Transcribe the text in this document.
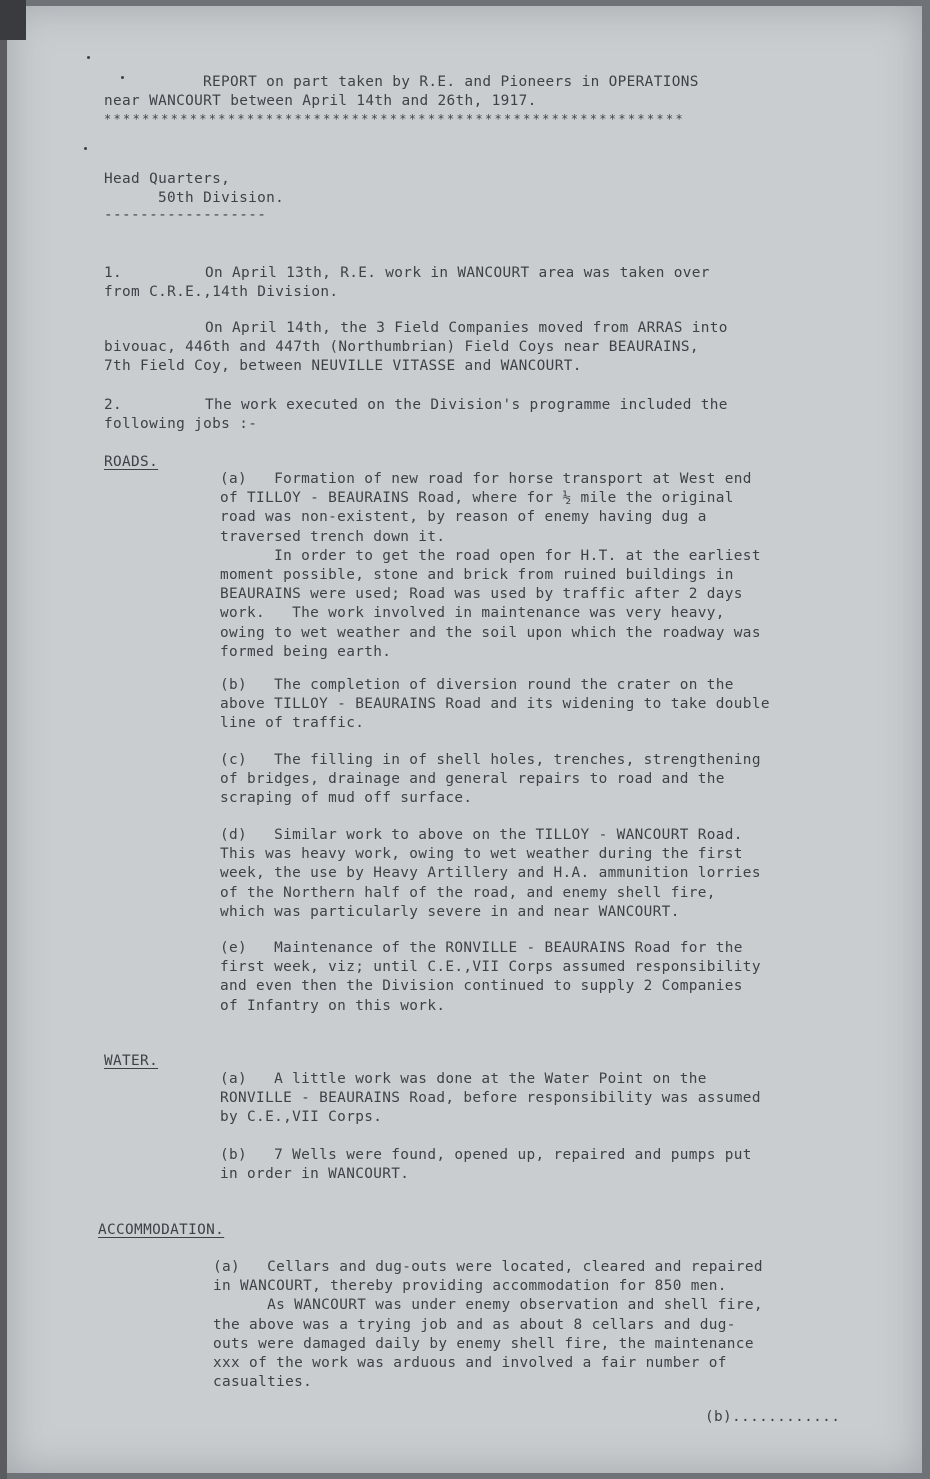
REPORT on part taken by R.E. and Pioneers in OPERATIONS
near WANCOURT between April 14th and 26th, 1917.
*************************************************************
Head Quarters,
50th Division.
------------------
1.	On April 13th, R.E. work in WANCOURT area was taken over
from C.R.E.,14th Division.
On April 14th, the 3 Field Companies moved from ARRAS into
bivouac, 446th and 447th (Northumbrian) Field Coys near BEAURAINS,
7th Field Coy, between NEUVILLE VITASSE and WANCOURT.
2.	The work executed on the Division's programme included the
following jobs :-
ROADS.
(a)   Formation of new road for horse transport at West end
of TILLOY - BEAURAINS Road, where for ½ mile the original
road was non-existent, by reason of enemy having dug a
traversed trench down it.
In order to get the road open for H.T. at the earliest
moment possible, stone and brick from ruined buildings in
BEAURAINS were used; Road was used by traffic after 2 days
work.   The work involved in maintenance was very heavy,
owing to wet weather and the soil upon which the roadway was
formed being earth.
(b)   The completion of diversion round the crater on the
above TILLOY - BEAURAINS Road and its widening to take double
line of traffic.
(c)   The filling in of shell holes, trenches, strengthening
of bridges, drainage and general repairs to road and the
scraping of mud off surface.
(d)   Similar work to above on the TILLOY - WANCOURT Road.
This was heavy work, owing to wet weather during the first
week, the use by Heavy Artillery and H.A. ammunition lorries
of the Northern half of the road, and enemy shell fire,
which was particularly severe in and near WANCOURT.
(e)   Maintenance of the RONVILLE - BEAURAINS Road for the
first week, viz; until C.E.,VII Corps assumed responsibility
and even then the Division continued to supply 2 Companies
of Infantry on this work.
WATER.
(a)   A little work was done at the Water Point on the
RONVILLE - BEAURAINS Road, before responsibility was assumed
by C.E.,VII Corps.
(b)   7 Wells were found, opened up, repaired and pumps put
in order in WANCOURT.
ACCOMMODATION.
(a)   Cellars and dug-outs were located, cleared and repaired
in WANCOURT, thereby providing accommodation for 850 men.
As WANCOURT was under enemy observation and shell fire,
the above was a trying job and as about 8 cellars and dug-
outs were damaged daily by enemy shell fire, the maintenance
xxx of the work was arduous and involved a fair number of
casualties.
(b)............
